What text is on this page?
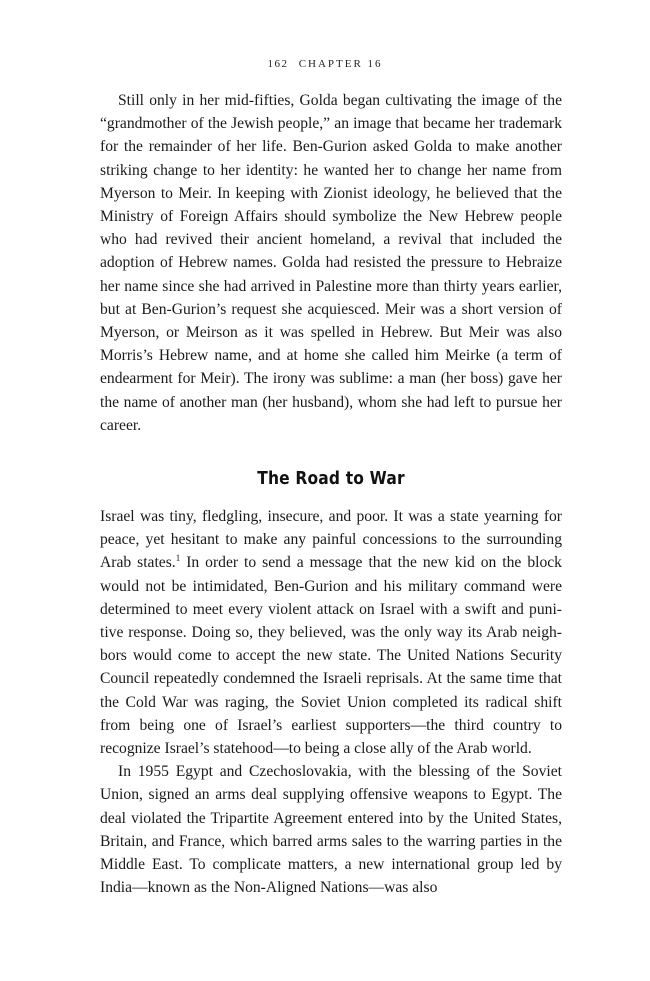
162 CHAPTER 16

Still only in her mid-fifties, Golda began cultivating the image of the “grandmother of the Jewish people,” an image that became her trademark for the remainder of her life. Ben-Gurion asked Golda to make another striking change to her identity: he wanted her to change her name from Myerson to Meir. In keeping with Zionist ideology, he believed that the Ministry of Foreign Affairs should symbolize the New Hebrew people who had revived their ancient homeland, a revival that included the adoption of Hebrew names. Golda had resisted the pressure to Hebraize her name since she had arrived in Palestine more than thirty years earlier, but at Ben-Gurion’s request she acquiesced. Meir was a short version of Myerson, or Meirson as it was spelled in Hebrew. But Meir was also Morris’s Hebrew name, and at home she called him Meirke (a term of endearment for Meir). The irony was sublime: a man (her boss) gave her the name of another man (her husband), whom she had left to pursue her career.

The Road to War

Israel was tiny, fledgling, insecure, and poor. It was a state yearning for peace, yet hesitant to make any painful concessions to the surrounding Arab states.$^1$ In order to send a message that the new kid on the block would not be intimidated, Ben-Gurion and his military command were determined to meet every violent attack on Israel with a swift and punitive response. Doing so, they believed, was the only way its Arab neighbors would come to accept the new state. The United Nations Security Council repeatedly condemned the Israeli reprisals. At the same time that the Cold War was raging, the Soviet Union completed its radical shift from being one of Israel’s earliest supporters—the third country to recognize Israel’s statehood—to being a close ally of the Arab world.

In 1955 Egypt and Czechoslovakia, with the blessing of the Soviet Union, signed an arms deal supplying offensive weapons to Egypt. The deal violated the Tripartite Agreement entered into by the United States, Britain, and France, which barred arms sales to the warring parties in the Middle East. To complicate matters, a new international group led by India—known as the Non-Aligned Nations—was also
